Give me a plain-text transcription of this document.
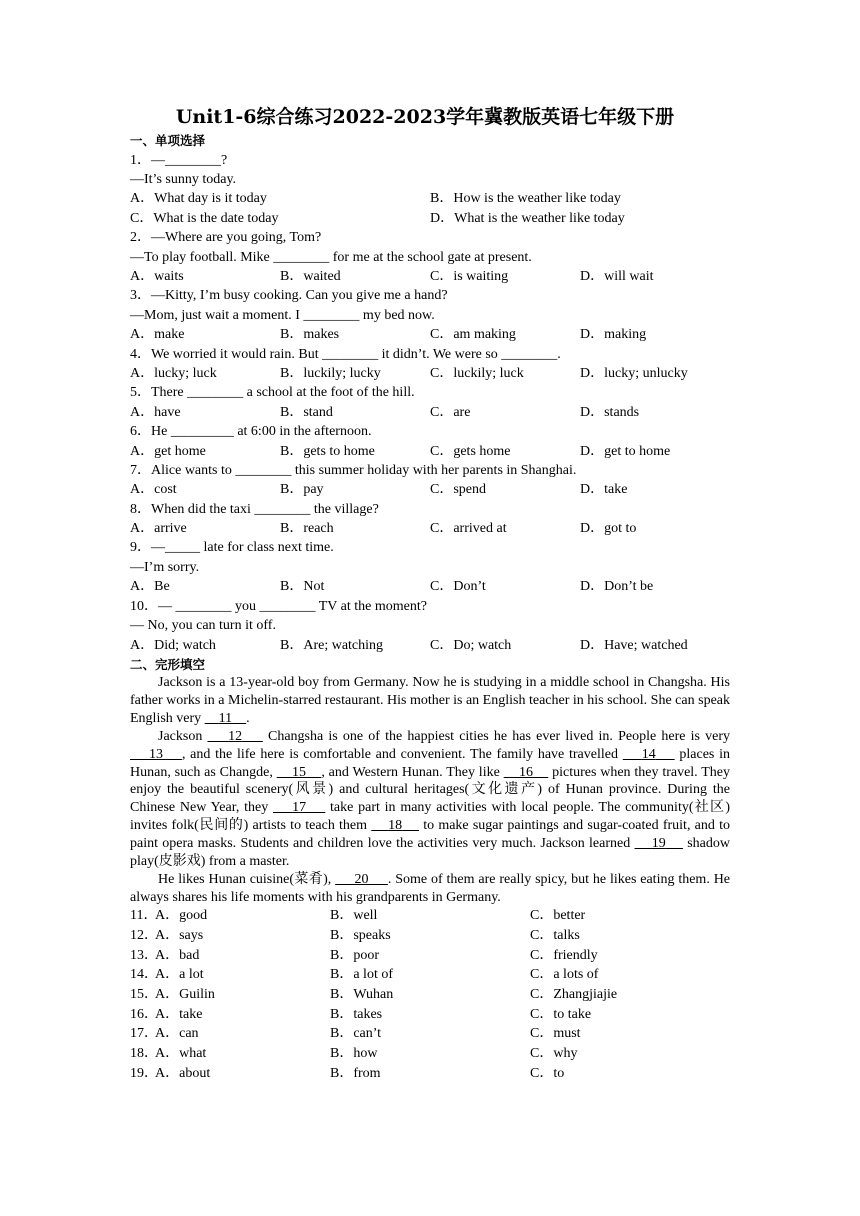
Unit1-6综合练习2022-2023学年冀教版英语七年级下册
一、单项选择
1．—________?
—It’s sunny today.
A．What day is it today	B．How is the weather like today
C．What is the date today	D．What is the weather like today
2．—Where are you going, Tom?
—To play football. Mike ________ for me at the school gate at present.
A．waits	B．waited	C．is waiting	D．will wait
3．—Kitty, I’m busy cooking. Can you give me a hand?
—Mom, just wait a moment. I ________ my bed now.
A．make	B．makes	C．am making	D．making
4．We worried it would rain. But ________ it didn’t. We were so ________.
A．lucky; luck	B．luckily; lucky	C．luckily; luck	D．lucky; unlucky
5．There ________ a school at the foot of the hill.
A．have	B．stand	C．are	D．stands
6．He _________ at 6:00 in the afternoon.
A．get home	B．gets to home	C．gets home	D．get to home
7．Alice wants to ________ this summer holiday with her parents in Shanghai.
A．cost	B．pay	C．spend	D．take
8．When did the taxi ________ the village?
A．arrive	B．reach	C．arrived at	D．got to
9．—_____ late for class next time.
—I’m sorry.
A．Be	B．Not	C．Don’t	D．Don’t be
10．— ________ you ________ TV at the moment?
— No, you can turn it off.
A．Did; watch	B．Are; watching	C．Do; watch	D．Have; watched
二、完形填空

Jackson is a 13-year-old boy from Germany. Now he is studying in a middle school in Changsha. His father works in a Michelin-starred restaurant. His mother is an English teacher in his school. She can speak English very     11 .

Jackson     12     Changsha is one of the happiest cities he has ever lived in. People here is very     13 , and the life here is comfortable and convenient. The family have travelled     14     places in Hunan, such as Changde,     15 , and Western Hunan. They like     16     pictures when they travel. They enjoy the beautiful scenery(风景) and cultural heritages(文化遗产) of Hunan province. During the Chinese New Year, they     17     take part in many activities with local people. The community(社区) invites folk(民间的) artists to teach them     18     to make sugar paintings and sugar-coated fruit, and to paint opera masks. Students and children love the activities very much. Jackson learned     19     shadow play(皮影戏) from a master.

He likes Hunan cuisine(菜肴),      20 . Some of them are really spicy, but he likes eating them. He always shares his life moments with his grandparents in Germany.

11．
A．good	B．well	C．better
12．
A．says	B．speaks	C．talks
13．
A．bad	B．poor	C．friendly
14．
A．a lot	B．a lot of	C．a lots of
15．
A．Guilin	B．Wuhan	C．Zhangjiajie
16．
A．take	B．takes	C．to take
17．
A．can	B．can’t	C．must
18．
A．what	B．how	C．why
19．
A．about	B．from	C．to
